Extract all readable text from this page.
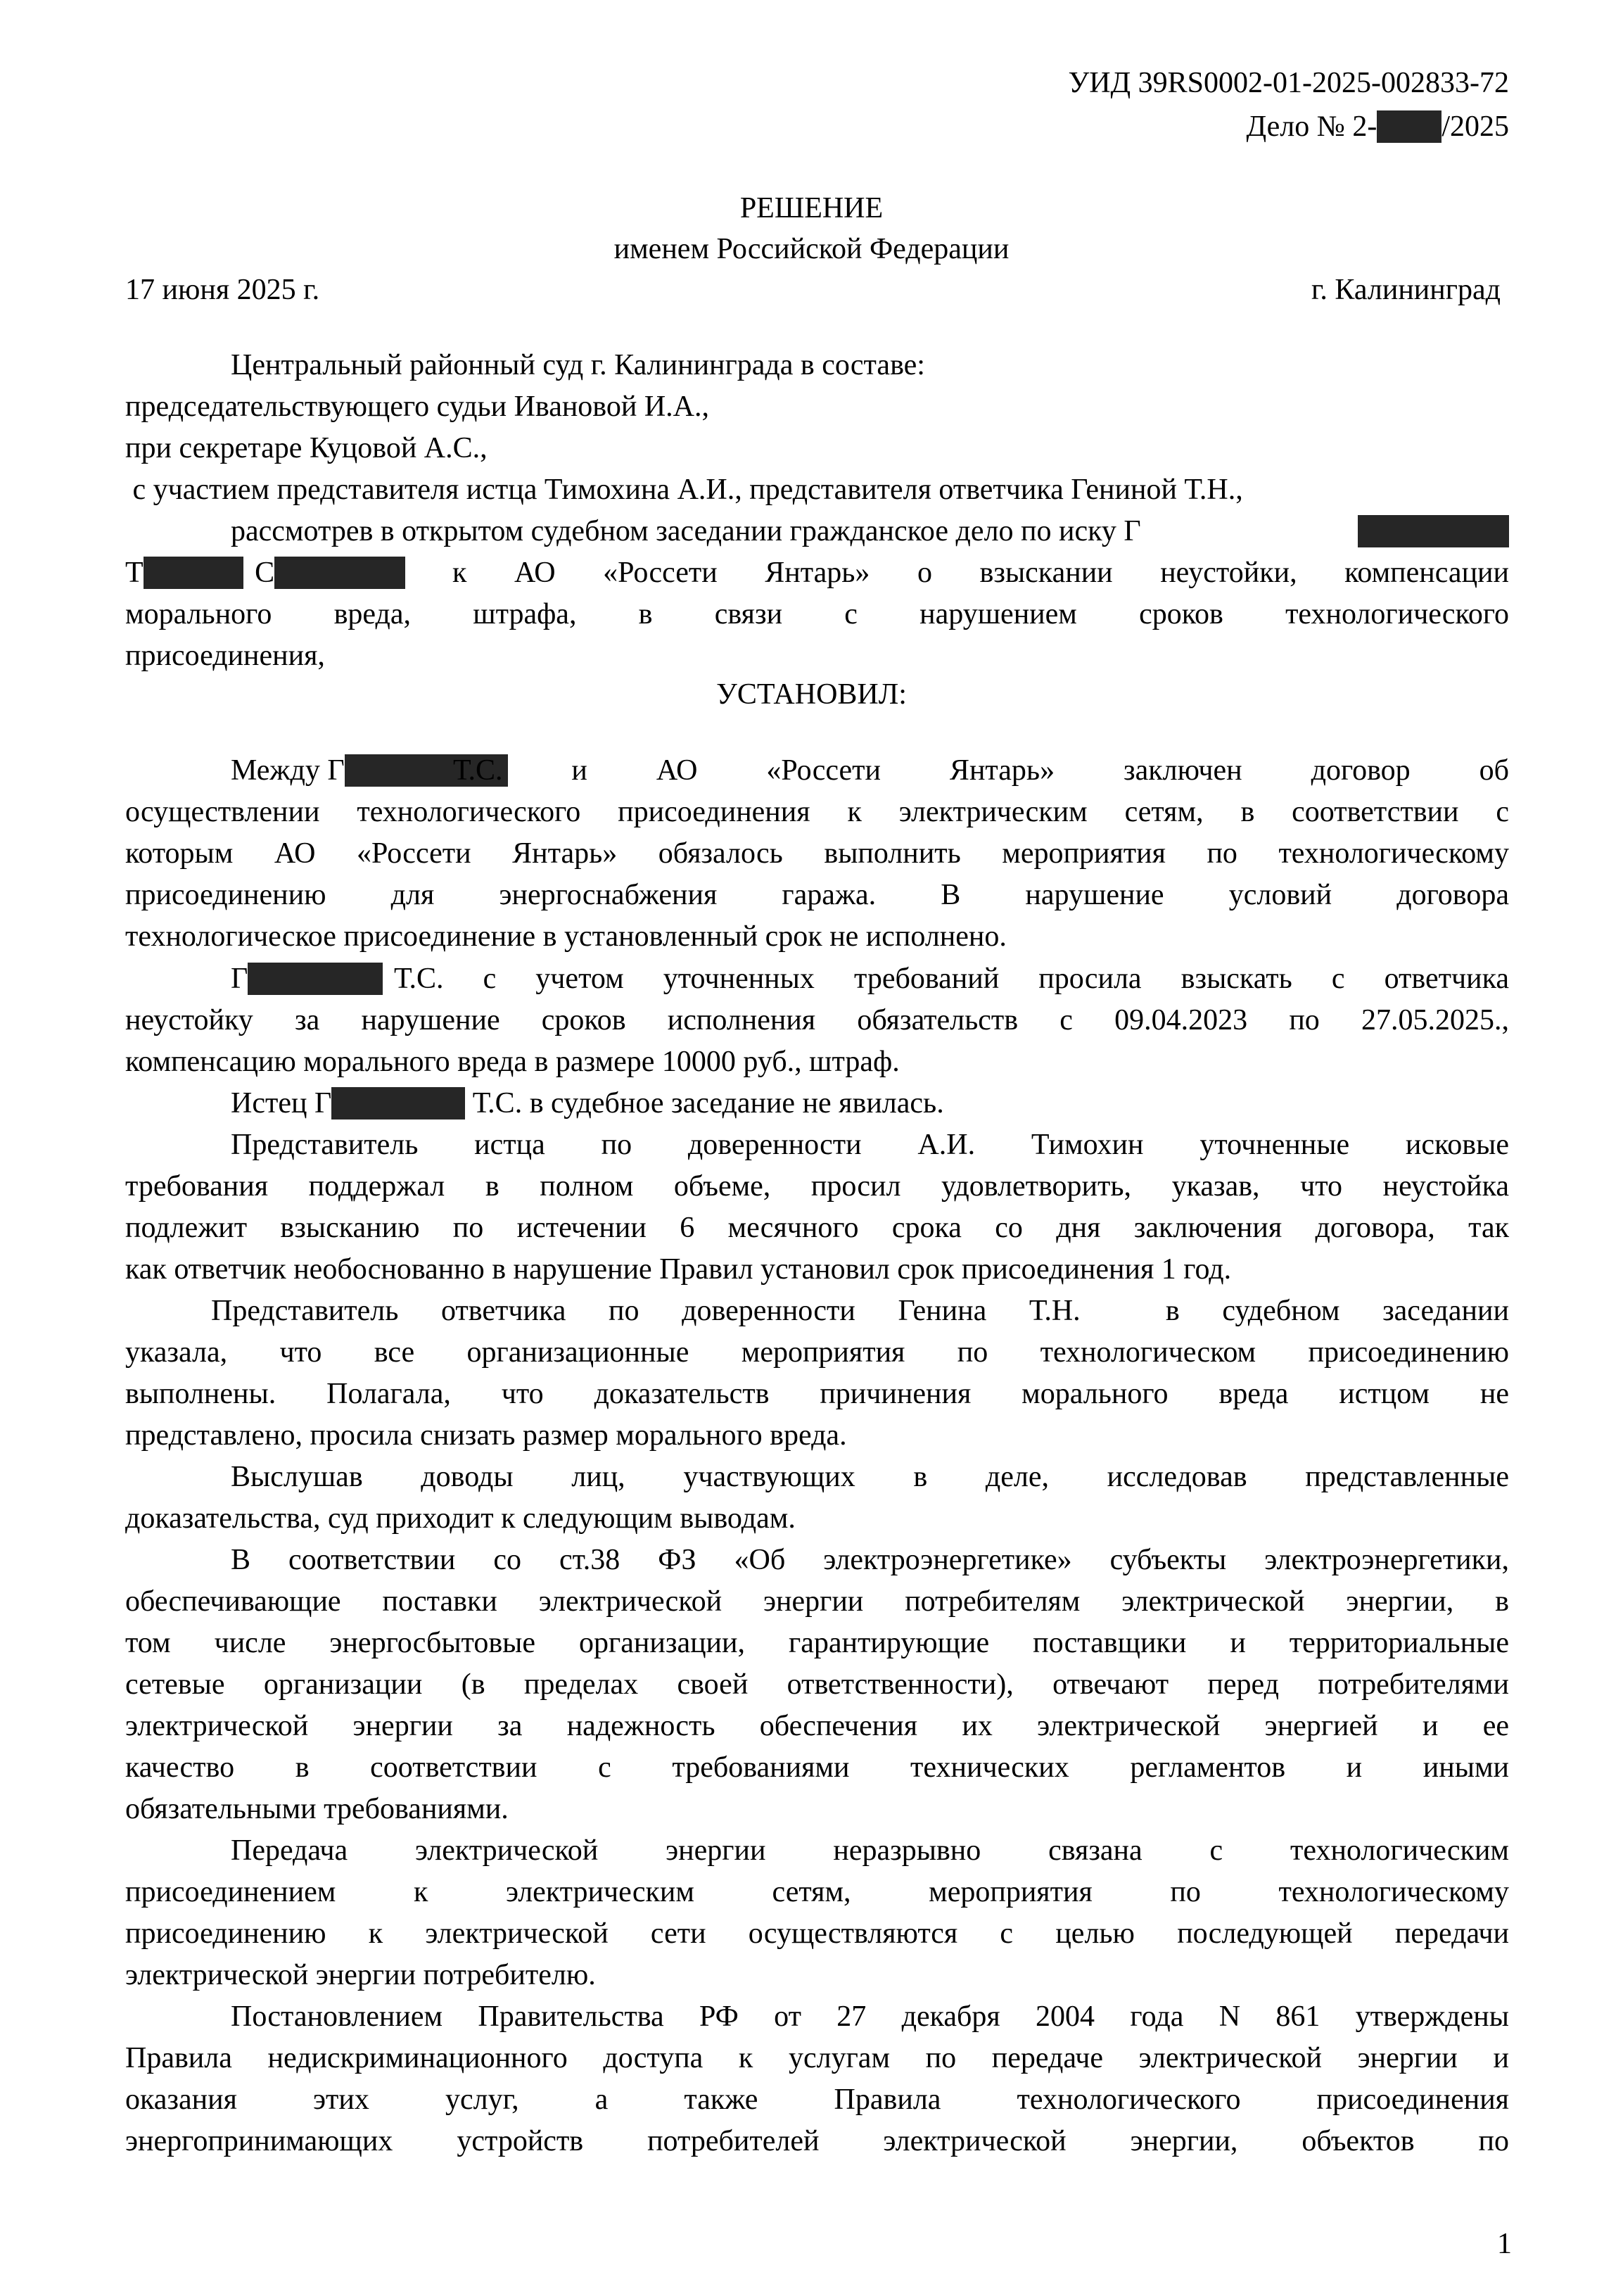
УИД 39RS0002-01-2025-002833-72
Дело № 2- /2025
РЕШЕНИЕ
именем Российской Федерации
17 июня 2025 г.	г. Калининград
Центральный районный суд г. Калининграда в составе:
председательствующего судьи Ивановой И.А.,
при секретаре Куцовой А.С.,
с участием представителя истца Тимохина А.И., представителя ответчика Гениной Т.Н.,
рассмотрев в открытом судебном заседании гражданское дело по иску Г
Т	С	к АО «Россети Янтарь» о взыскании неустойки, компенсации
морального вреда, штрафа, в связи с нарушением сроков технологического
присоединения,
УСТАНОВИЛ:
Между Г	Т.С. и АО «Россети Янтарь» заключен договор об
осуществлении технологического присоединения к электрическим сетям, в соответствии с
которым АО «Россети Янтарь» обязалось выполнить мероприятия по технологическому
присоединению для энергоснабжения гаража. В нарушение условий договора
технологическое присоединение в установленный срок не исполнено.
Г	Т.С. с учетом уточненных требований просила взыскать с ответчика
неустойку за нарушение сроков исполнения обязательств с 09.04.2023 по 27.05.2025.,
компенсацию морального вреда в размере 10000 руб., штраф.
Истец Г	Т.С. в судебное заседание не явилась.
Представитель истца по доверенности А.И. Тимохин уточненные исковые
требования поддержал в полном объеме, просил удовлетворить, указав, что неустойка
подлежит взысканию по истечении 6 месячного срока со дня заключения договора, так
как ответчик необоснованно в нарушение Правил установил срок присоединения 1 год.
Представитель ответчика по доверенности Генина Т.Н.  в судебном заседании
указала, что все организационные мероприятия по технологическом присоединению
выполнены. Полагала, что доказательств причинения морального вреда истцом не
представлено, просила снизать размер морального вреда.
Выслушав доводы лиц, участвующих в деле, исследовав представленные
доказательства, суд приходит к следующим выводам.
В соответствии со ст.38 ФЗ «Об электроэнергетике» субъекты электроэнергетики,
обеспечивающие поставки электрической энергии потребителям электрической энергии, в
том числе энергосбытовые организации, гарантирующие поставщики и территориальные
сетевые организации (в пределах своей ответственности), отвечают перед потребителями
электрической энергии за надежность обеспечения их электрической энергией и ее
качество в соответствии с требованиями технических регламентов и иными
обязательными требованиями.
Передача электрической энергии неразрывно связана с технологическим
присоединением к электрическим сетям, мероприятия по технологическому
присоединению к электрической сети осуществляются с целью последующей передачи
электрической энергии потребителю.
Постановлением Правительства РФ от 27 декабря 2004 года N 861 утверждены
Правила недискриминационного доступа к услугам по передаче электрической энергии и
оказания этих услуг, а также Правила технологического присоединения
энергопринимающих устройств потребителей электрической энергии, объектов по
1
